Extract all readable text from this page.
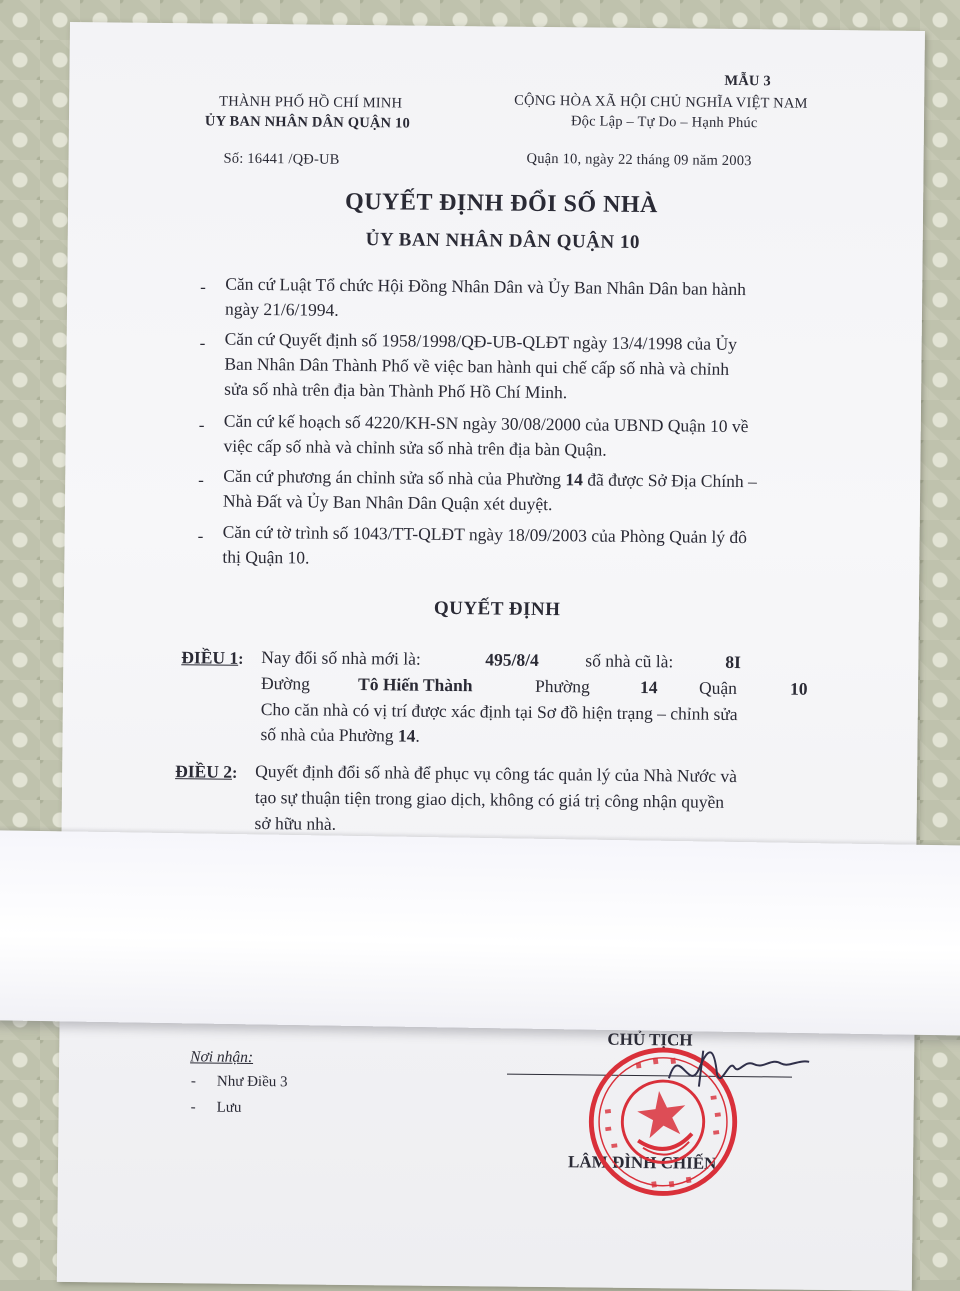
MẪU 3
THÀNH PHỐ HỒ CHÍ MINH
ỦY BAN NHÂN DÂN QUẬN 10
Số: 16441 /QĐ-UB
CỘNG HÒA XÃ HỘI CHỦ NGHĨA VIỆT NAM
Độc Lập – Tự Do – Hạnh Phúc
Quận 10, ngày 22 tháng 09 năm 2003
QUYẾT ĐỊNH ĐỔI SỐ NHÀ
ỦY BAN NHÂN DÂN QUẬN 10
- Căn cứ Luật Tổ chức Hội Đồng Nhân Dân và Ủy Ban Nhân Dân ban hành
ngày 21/6/1994.
- Căn cứ Quyết định số 1958/1998/QĐ-UB-QLĐT ngày 13/4/1998 của Ủy
Ban Nhân Dân Thành Phố về việc ban hành qui chế cấp số nhà và chỉnh
sửa số nhà trên địa bàn Thành Phố Hồ Chí Minh.
- Căn cứ kế hoạch số 4220/KH-SN ngày 30/08/2000 của UBND Quận 10 về
việc cấp số nhà và chỉnh sửa số nhà trên địa bàn Quận.
- Căn cứ phương án chỉnh sửa số nhà của Phường 14 đã được Sở Địa Chính –
Nhà Đất và Ủy Ban Nhân Dân Quận xét duyệt.
- Căn cứ tờ trình số 1043/TT-QLĐT ngày 18/09/2003 của Phòng Quản lý đô
thị Quận 10.
QUYẾT ĐỊNH
ĐIỀU 1: Nay đổi số nhà mới là:	495/8/4	số nhà cũ là:	8I
Đường	Tô Hiến Thành	Phường	14 Quận	10
Cho căn nhà có vị trí được xác định tại Sơ đồ hiện trạng – chỉnh sửa
số nhà của Phường 14.
ĐIỀU 2: Quyết định đổi số nhà để phục vụ công tác quản lý của Nhà Nước và
tạo sự thuận tiện trong giao dịch, không có giá trị công nhận quyền
sở hữu nhà.
Nơi nhận:
- Như Điều 3
- Lưu
CHỦ TỊCH
LÂM ĐÌNH CHIẾN
